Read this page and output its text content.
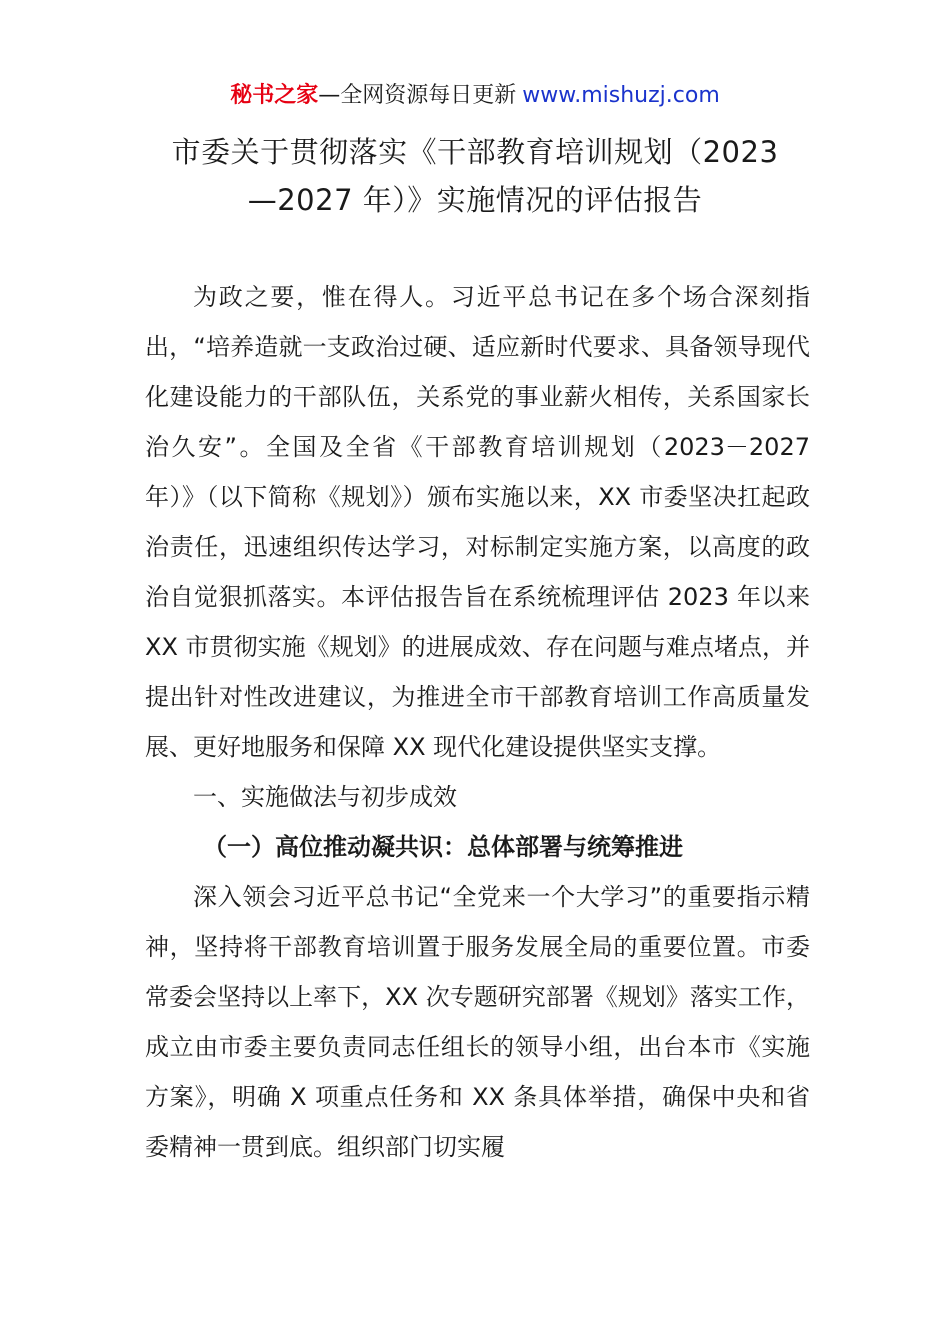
秘书之家—全网资源每日更新 www.mishuzj.com
市委关于贯彻落实《干部教育培训规划（2023
—2027 年）》实施情况的评估报告

为政之要，惟在得人。习近平总书记在多个场合深刻指出，“培养造就一支政治过硬、适应新时代要求、具备领导现代化建设能力的干部队伍，关系党的事业薪火相传，关系国家长治久安”。全国及全省《干部教育培训规划（2023－2027 年）》（以下简称《规划》）颁布实施以来，XX 市委坚决扛起政治责任，迅速组织传达学习，对标制定实施方案，以高度的政治自觉狠抓落实。本评估报告旨在系统梳理评估 2023 年以来 XX 市贯彻实施《规划》的进展成效、存在问题与难点堵点，并提出针对性改进建议，为推进全市干部教育培训工作高质量发展、更好地服务和保障 XX 现代化建设提供坚实支撑。

一、实施做法与初步成效
（一）高位推动凝共识：总体部署与统筹推进

深入领会习近平总书记“全党来一个大学习”的重要指示精神，坚持将干部教育培训置于服务发展全局的重要位置。市委常委会坚持以上率下，XX 次专题研究部署《规划》落实工作，成立由市委主要负责同志任组长的领导小组，出台本市《实施方案》，明确 X 项重点任务和 XX 条具体举措，确保中央和省委精神一贯到底。组织部门切实履
